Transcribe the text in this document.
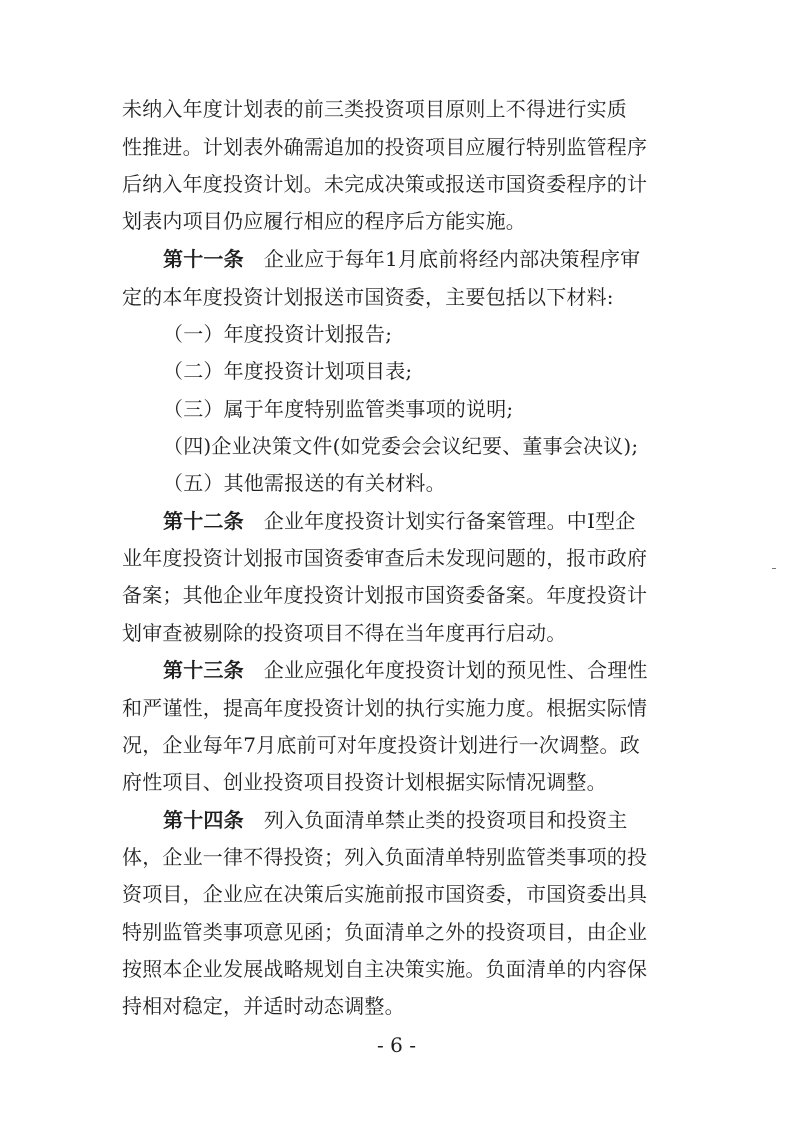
未纳入年度计划表的前三类投资项目原则上不得进行实质
性推进。计划表外确需追加的投资项目应履行特别监管程序
后纳入年度投资计划。未完成决策或报送市国资委程序的计
划表内项目仍应履行相应的程序后方能实施。
第十一条 企业应于每年1月底前将经内部决策程序审
定的本年度投资计划报送市国资委，主要包括以下材料:
（一）年度投资计划报告;
（二）年度投资计划项目表;
（三）属于年度特别监管类事项的说明;
（四)企业决策文件(如党委会会议纪要、董事会决议);
（五）其他需报送的有关材料。
第十二条 企业年度投资计划实行备案管理。中I型企
业年度投资计划报市国资委审查后未发现问题的，报市政府
备案；其他企业年度投资计划报市国资委备案。年度投资计
划审查被剔除的投资项目不得在当年度再行启动。
第十三条 企业应强化年度投资计划的预见性、合理性
和严谨性，提高年度投资计划的执行实施力度。根据实际情
况，企业每年7月底前可对年度投资计划进行一次调整。政
府性项目、创业投资项目投资计划根据实际情况调整。
第十四条 列入负面清单禁止类的投资项目和投资主
体，企业一律不得投资；列入负面清单特别监管类事项的投
资项目，企业应在决策后实施前报市国资委，市国资委出具
特别监管类事项意见函；负面清单之外的投资项目，由企业
按照本企业发展战略规划自主决策实施。负面清单的内容保
持相对稳定，并适时动态调整。
- 6 -
